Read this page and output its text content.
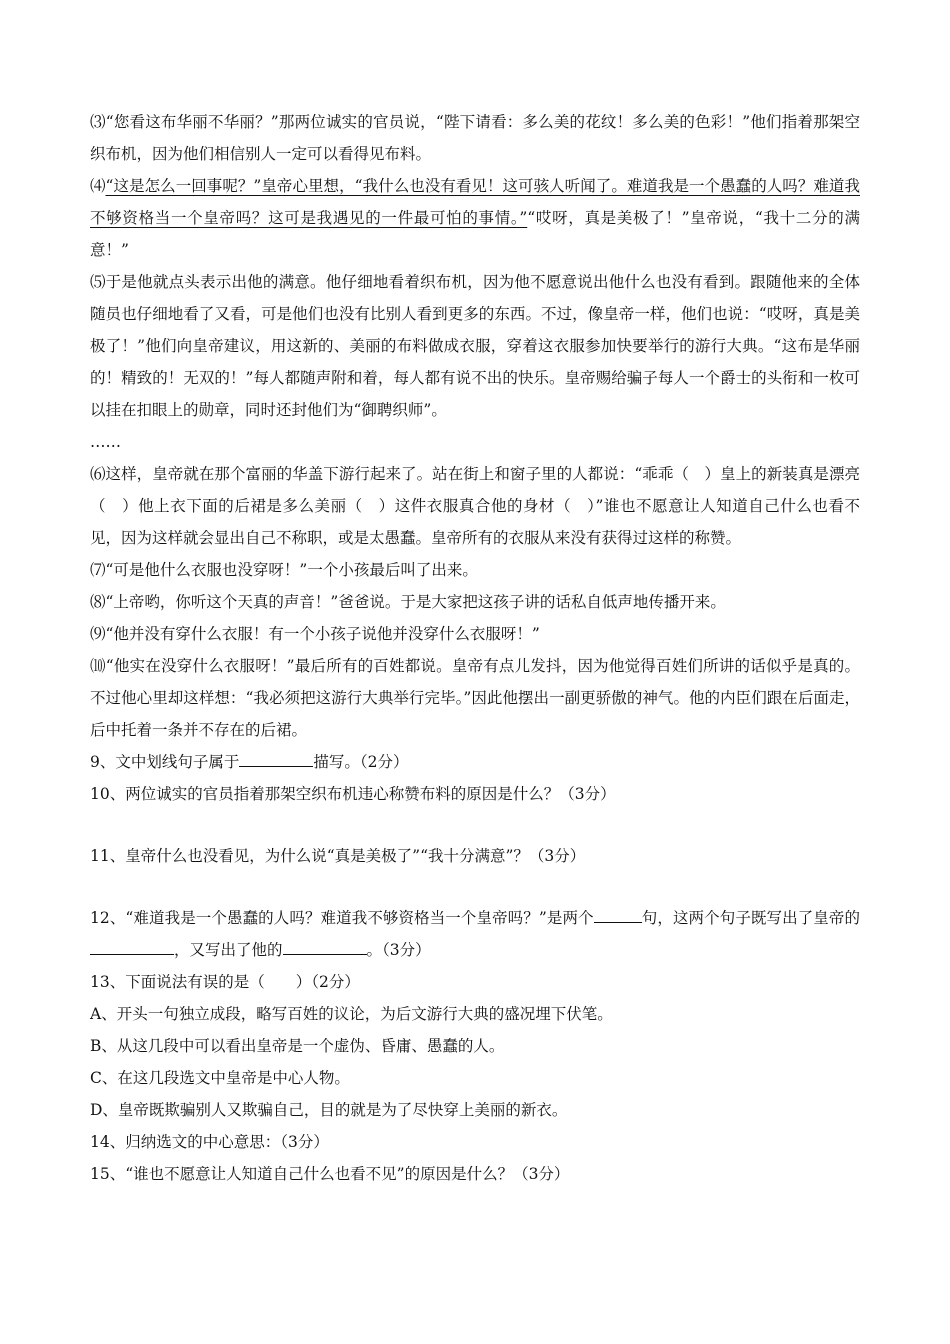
⑶“您看这布华丽不华丽？”那两位诚实的官员说，“陛下请看：多么美的花纹！多么美的色彩！”他们指着那架空织布机，因为他们相信别人一定可以看得见布料。

⑷“这是怎么一回事呢？”皇帝心里想，“我什么也没有看见！这可骇人听闻了。难道我是一个愚蠢的人吗？难道我不够资格当一个皇帝吗？这可是我遇见的一件最可怕的事情。”“哎呀，真是美极了！”皇帝说，“我十二分的满意！”

⑸于是他就点头表示出他的满意。他仔细地看着织布机，因为他不愿意说出他什么也没有看到。跟随他来的全体随员也仔细地看了又看，可是他们也没有比别人看到更多的东西。不过，像皇帝一样，他们也说：“哎呀，真是美极了！”他们向皇帝建议，用这新的、美丽的布料做成衣服，穿着这衣服参加快要举行的游行大典。“这布是华丽的！精致的！无双的！”每人都随声附和着，每人都有说不出的快乐。皇帝赐给骗子每人一个爵士的头衔和一枚可以挂在扣眼上的勋章，同时还封他们为“御聘织师”。

……

⑹这样，皇帝就在那个富丽的华盖下游行起来了。站在街上和窗子里的人都说：“乖乖（　）皇上的新装真是漂亮（　）他上衣下面的后裙是多么美丽（　）这件衣服真合他的身材（　）”谁也不愿意让人知道自己什么也看不见，因为这样就会显出自己不称职，或是太愚蠢。皇帝所有的衣服从来没有获得过这样的称赞。

⑺“可是他什么衣服也没穿呀！”一个小孩最后叫了出来。

⑻“上帝哟，你听这个天真的声音！”爸爸说。于是大家把这孩子讲的话私自低声地传播开来。

⑼“他并没有穿什么衣服！有一个小孩子说他并没穿什么衣服呀！”

⑽“他实在没穿什么衣服呀！”最后所有的百姓都说。皇帝有点儿发抖，因为他觉得百姓们所讲的话似乎是真的。不过他心里却这样想：“我必须把这游行大典举行完毕。”因此他摆出一副更骄傲的神气。他的内臣们跟在后面走，后中托着一条并不存在的后裙。

9、文中划线句子属于	描写。（2分）

10、两位诚实的官员指着那架空织布机违心称赞布料的原因是什么？（3分）

11、皇帝什么也没看见，为什么说“真是美极了”“我十分满意”？（3分）

12、“难道我是一个愚蠢的人吗？难道我不够资格当一个皇帝吗？”是两个	句，这两个句子既写出了皇帝的，又写出了他的	。（3分）

13、下面说法有误的是（　　）（2分）

A、开头一句独立成段，略写百姓的议论，为后文游行大典的盛况埋下伏笔。

B、从这几段中可以看出皇帝是一个虚伪、昏庸、愚蠢的人。

C、在这几段选文中皇帝是中心人物。

D、皇帝既欺骗别人又欺骗自己，目的就是为了尽快穿上美丽的新衣。

14、归纳选文的中心意思：（3分）

15、“谁也不愿意让人知道自己什么也看不见”的原因是什么？（3分）
